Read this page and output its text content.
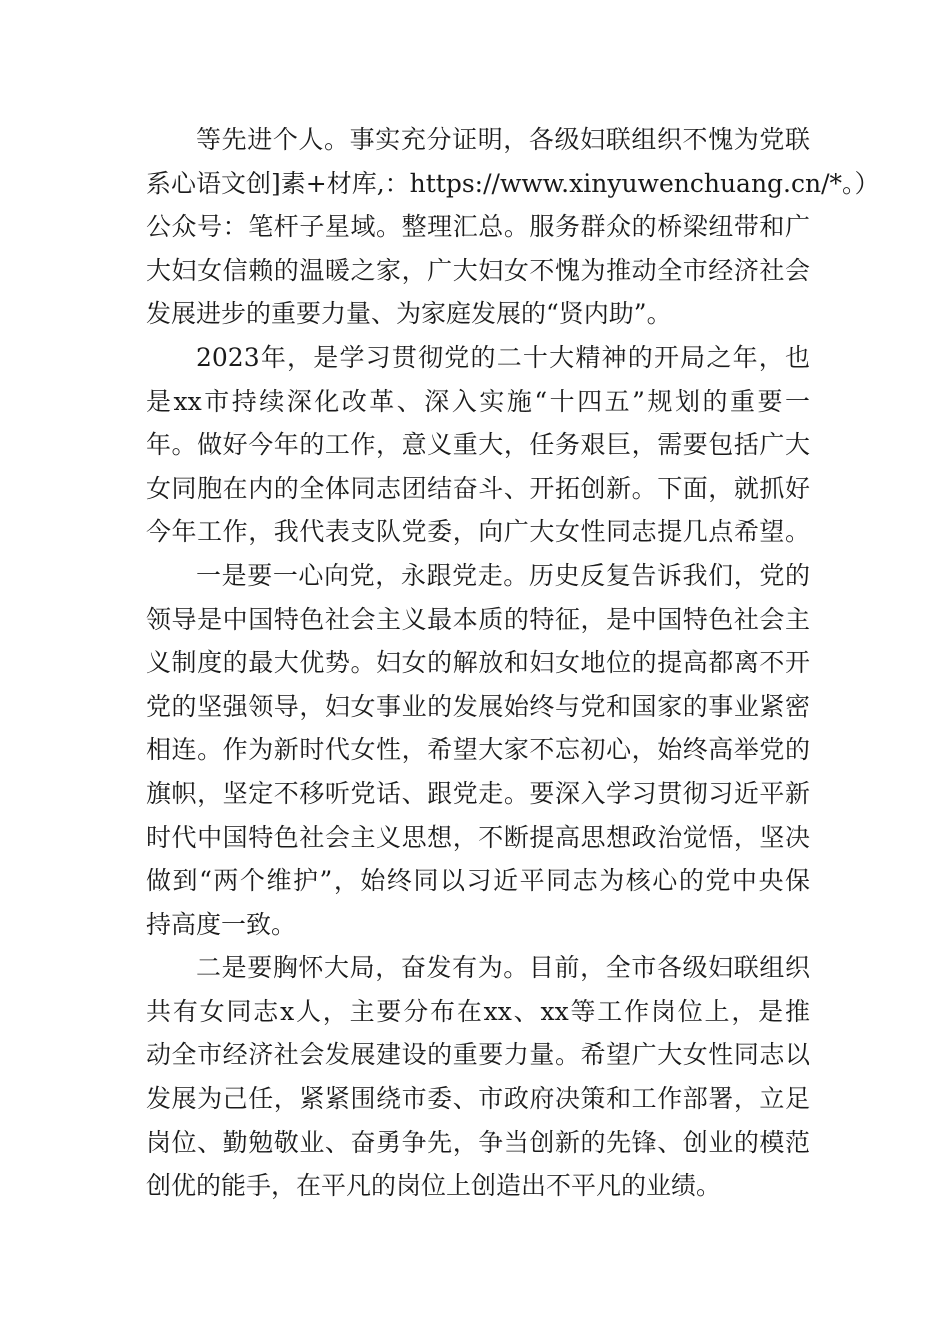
等先进个人。事实充分证明，各级妇联组织不愧为党联
系心语文创]素+材库,：https://www.xinyuwenchuang.cn/*。）
公众号：笔杆子星域。整理汇总。服务群众的桥梁纽带和广
大妇女信赖的温暖之家，广大妇女不愧为推动全市经济社会
发展进步的重要力量、为家庭发展的“贤内助”。
2023年，是学习贯彻党的二十大精神的开局之年，也
是xx市持续深化改革、深入实施“十四五”规划的重要一
年。做好今年的工作，意义重大，任务艰巨，需要包括广大
女同胞在内的全体同志团结奋斗、开拓创新。下面，就抓好
今年工作，我代表支队党委，向广大女性同志提几点希望。
一是要一心向党，永跟党走。历史反复告诉我们，党的
领导是中国特色社会主义最本质的特征，是中国特色社会主
义制度的最大优势。妇女的解放和妇女地位的提高都离不开
党的坚强领导，妇女事业的发展始终与党和国家的事业紧密
相连。作为新时代女性，希望大家不忘初心，始终高举党的
旗帜，坚定不移听党话、跟党走。要深入学习贯彻习近平新
时代中国特色社会主义思想，不断提高思想政治觉悟，坚决
做到“两个维护”，始终同以习近平同志为核心的党中央保
持高度一致。
二是要胸怀大局，奋发有为。目前，全市各级妇联组织
共有女同志x人，主要分布在xx、xx等工作岗位上，是推
动全市经济社会发展建设的重要力量。希望广大女性同志以
发展为己任，紧紧围绕市委、市政府决策和工作部署，立足
岗位、勤勉敬业、奋勇争先，争当创新的先锋、创业的模范
创优的能手，在平凡的岗位上创造出不平凡的业绩。
